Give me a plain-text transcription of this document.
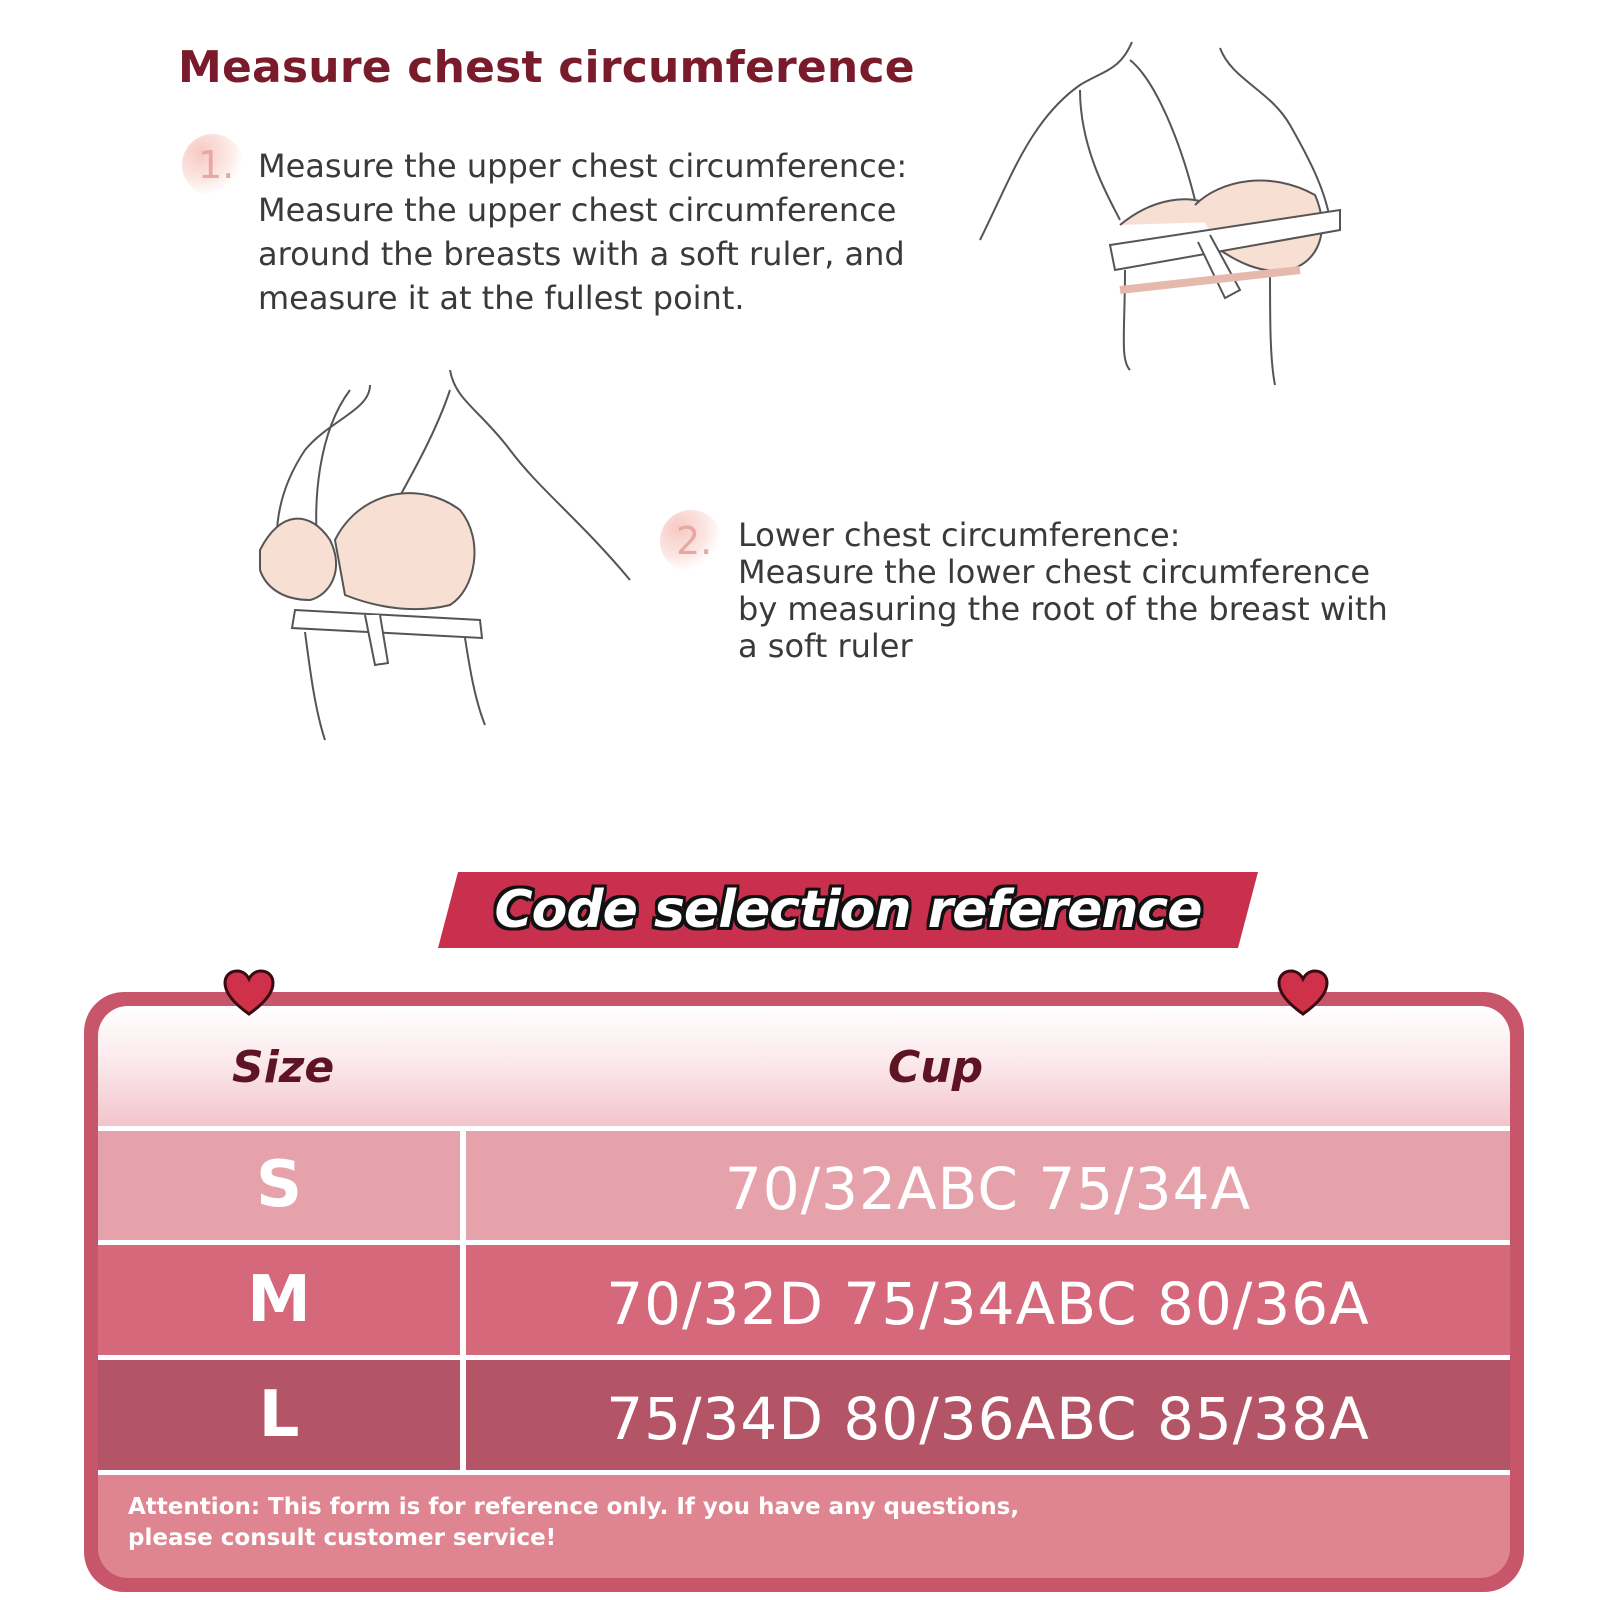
Measure chest circumference
1. Measure the upper chest circumference:
Measure the upper chest circumference
around the breasts with a soft ruler, and
measure it at the fullest point.
2. Lower chest circumference:
Measure the lower chest circumference
by measuring the root of the breast with
a soft ruler
Code selection reference
Size	Cup
S	70/32ABC 75/34A
M	70/32D 75/34ABC 80/36A
L	75/34D 80/36ABC 85/38A
Attention: This form is for reference only. If you have any questions,
please consult customer service!
